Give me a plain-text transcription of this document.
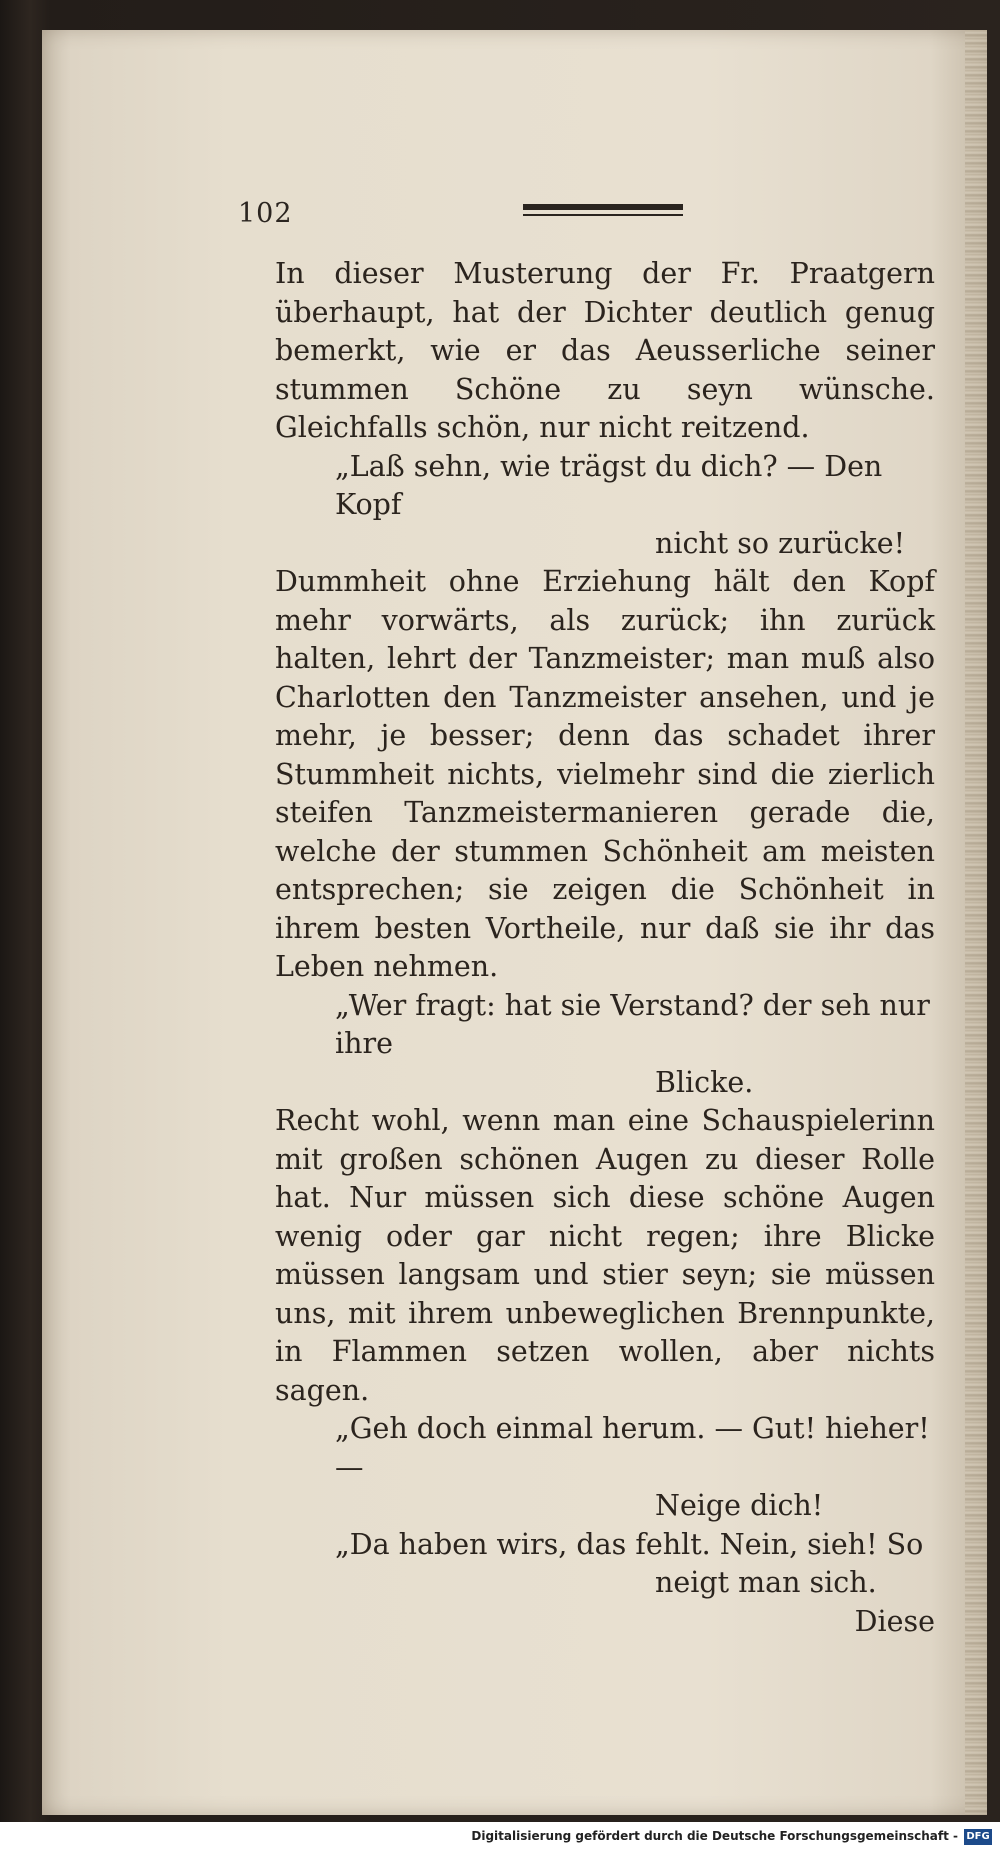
102

In dieser Musterung der Fr. Praatgern überhaupt, hat der Dichter deutlich genug bemerkt, wie er das Aeusserliche seiner stummen Schöne zu seyn wünsche. Gleichfalls schön, nur nicht reitzend.

„Laß sehn, wie trägst du dich? — Den Kopf
nicht so zurücke!

Dummheit ohne Erziehung hält den Kopf mehr vorwärts, als zurück; ihn zurück halten, lehrt der Tanzmeister; man muß also Charlotten den Tanzmeister ansehen, und je mehr, je besser; denn das schadet ihrer Stummheit nichts, vielmehr sind die zierlich steifen Tanzmeistermanieren gerade die, welche der stummen Schönheit am meisten entsprechen; sie zeigen die Schönheit in ihrem besten Vortheile, nur daß sie ihr das Leben nehmen.

„Wer fragt: hat sie Verstand? der seh nur ihre
Blicke.

Recht wohl, wenn man eine Schauspielerinn mit großen schönen Augen zu dieser Rolle hat. Nur müssen sich diese schöne Augen wenig oder gar nicht regen; ihre Blicke müssen langsam und stier seyn; sie müssen uns, mit ihrem unbeweglichen Brennpunkte, in Flammen setzen wollen, aber nichts sagen.

„Geh doch einmal herum. — Gut! hieher! —
Neige dich!

„Da haben wirs, das fehlt. Nein, sieh! So
neigt man sich.

Diese

Digitalisierung gefördert durch die Deutsche Forschungsgemeinschaft - DFG
